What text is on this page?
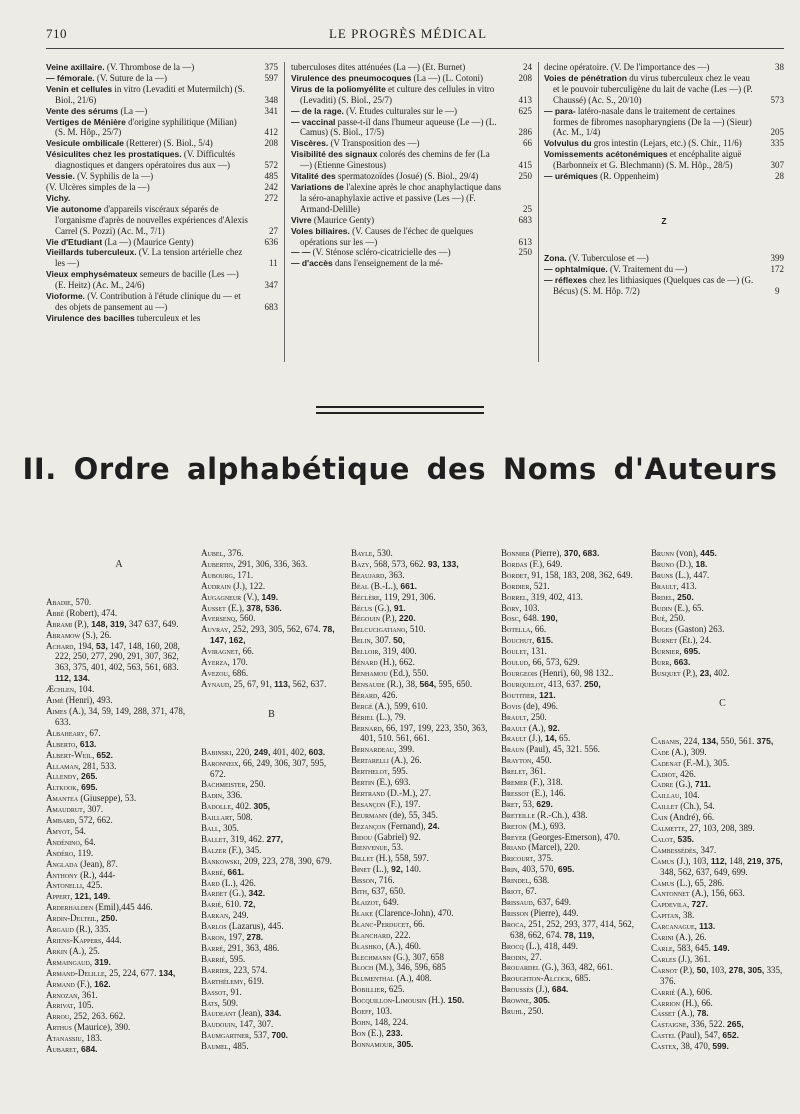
710	LE PROGRÈS MÉDICAL
Veine axillaire. (V. Thrombose de la —)	375
— fémorale. (V. Suture de la —)	597
Venin et cellules in vitro (Levaditi et Mutermilch) (S. Biol., 21/6)	348
Vente des sérums (La —)	341
Vertiges de Ménière d'origine syphilitique (Milian) (S. M. Hôp., 25/7)	412
Vesicule ombilicale (Retterer) (S. Biol., 5/4)	208
Vésiculites chez les prostatiques. (V. Difficultés diagnostiques et dangers opératoires dus aux —)	572
Vessie. (V. Syphilis de la —)	485
(V. Ulcères simples de la —)	242
Vichy.	272
Vie autonome d'appareils viscéraux séparés de l'organisme d'après de nouvelles expériences d'Alexis Carrel (S. Pozzi) (Ac. M., 7/1)	27
Vie d'Etudiant (La —) (Maurice Genty)	636
Vieillards tuberculeux. (V. La tension artérielle chez les —)	11
Vieux emphysémateux semeurs de bacille (Les —) (E. Heitz) (Ac. M., 24/6)	347
Vioforme. (V. Contribution à l'étude clinique du — et des objets de pansement au —)	683
Virulence des bacilles tuberculeux et les
tuberculoses dites atténuées (La —) (Et. Burnet)	24
Virulence des pneumocoques (La —) (L. Cotoni)	208
Virus de la poliomyélite et culture des cellules in vitro (Levaditi) (S. Biol., 25/7)	413
— de la rage. (V. Etudes culturales sur le —)	625
— vaccinal passe-t-il dans l'humeur aqueuse (Le —) (L. Camus) (S. Biol., 17/5)	286
Viscères. (V Transposition des —)	66
Visibilité des signaux colorés des chemins de fer (La —) (Etienne Ginestous)	415
Vitalité des spermatozoïdes (Josué) (S. Biol., 29/4)	250
Variations de l'alexine après le choc anaphylactique dans la séro-anaphylaxie active et passive (Les —) (F. Armand-Delille)	25
Vivre (Maurice Genty)	683
Voles biliaires. (V. Causes de l'échec de quelques opérations sur les —)	613
— — (V. Sténose scléro-cicatricielle des —)	250
— d'accès dans l'enseignement de la mé-
decine opératoire. (V. De l'importance des —)	38
Voies de pénétration du virus tuberculeux chez le veau et le pouvoir tuberculigène du lait de vache (Les —) (P. Chaussé) (Ac. S., 20/10)	573
— para- latéro-nasale dans le traitement de certaines formes de fibromes nasopharyngiens (De la —) (Sieur) (Ac. M., 1/4)	205
Volvulus du gros intestin (Lejars, etc.) (S. Chir., 11/6)	335
Vomissements acétonémiques et encéphalite aiguë (Barbonneix et G. Blechmann) (S. M. Hôp., 28/5)	307
— urémiques (R. Oppenheim)	28
Z
Zona. (V. Tuberculose et —)	399
— ophtalmique. (V. Traitement du —)	172
— réflexes chez les lithiasiques (Quelques cas de —) (G. Bécus) (S. M. Hôp. 7/2)	9
II. Ordre alphabétique des Noms d'Auteurs
A
Abadie, 570.
Abbé (Robert), 474.
Abrami (P.), 148, 319, 347 637, 649.
Abramow (S.), 26.
Achard, 194, 53, 147, 148, 160, 208, 222, 250, 277, 290, 291, 307, 362, 363, 375, 401, 402, 563, 561, 683. 112, 134.
Æchlen, 104.
Aimé (Henri), 493.
Aimes (A.), 34, 59, 149, 288, 371, 478, 633.
Albaheary, 67.
Alberto, 613.
Albert-Weil, 652.
Allaman, 281, 533.
Allendy, 265.
Altkook, 695.
Amantea (Giuseppe), 53.
Amaudrut, 307.
Ambard, 572, 662.
Amyot, 54.
Andénino, 64.
Andéro, 119.
Anglada (Jean), 87.
Anthony (R.), 444-
Antonelli, 425.
Appert, 121, 149.
Arderhalden (Emil),445 446.
Ardin-Delteil, 250.
Argaud (R.), 335.
Ariens-Kappers, 444.
Arkin (A.), 25.
Armaingaud, 319.
Armand-Delille, 25, 224, 677. 134,
Armand (F.), 162.
Arnozan, 361.
Arrivat, 105.
Arrou, 252, 263. 662.
Arthus (Maurice), 390.
Atanassiu, 183.
Aubaret, 684.
Aubel, 376.
Aubertin, 291, 306, 336, 363.
Aubourg, 171.
Audrain (J.), 122.
Augagneur (V.), 149.
Ausset (E.), 378, 536.
Aversenq, 560.
Auvray, 252, 293, 305, 562, 674. 78, 147, 162,
Aviragnet, 66.
Ayerza, 170.
Avezou, 686.
Aynaud, 25, 67, 91, 113, 562, 637.
B
Babinski, 220, 249, 401, 402, 603.
Baronneix, 66, 249, 306, 307, 595, 672.
Bachmeister, 250.
Badin, 336.
Badolle, 402. 305,
Baillart, 508.
Ball, 305.
Ballet, 319, 462. 277,
Balzer (F.), 345.
Bankowski, 209, 223, 278, 390, 679.
Barbé, 661.
Bard (L.), 426.
Bardet (G.), 342.
Barié, 610. 72,
Barkan, 249.
Barlos (Lazarus), 445.
Baron, 197, 278.
Barré, 291, 363, 486.
Barrié, 595.
Barrier, 223, 574.
Barthélemy, 619.
Bassot, 91.
Bats, 509.
Baudeant (Jean), 334.
Baudouin, 147, 307.
Baumgartner, 537, 700.
Baumel, 485.
Bayle, 530.
Bazy, 568, 573, 662. 93, 133,
Beaujard, 363.
Béal (B.-L.), 661.
Béclère, 119, 291, 306.
Bécus (G.), 91.
Bégouin (P.), 220.
Belcucigatiano, 510.
Belin, 307. 50,
Belloir, 319, 400.
Bénard (H.), 662.
Benhamou (Ed.), 550.
Bensaude (R.), 38, 564, 595, 650.
Bérard, 426.
Bergé (A.), 599, 610.
Bériel (L.), 79.
Bernard, 66, 197, 199, 223, 350, 363, 401, 510. 561, 661.
Bernardeau, 399.
Bertarelli (A.), 26.
Berthelot, 595.
Bertin (E.), 693.
Bertrand (D.-M.), 27.
Besançon (F.), 197.
Beurmann (de), 55, 345.
Bezançon (Fernand), 24.
Bidou (Gabriel) 92.
Bienvenue, 53.
Billet (H.), 558, 597.
Binet (L.), 92, 140.
Bisson, 716.
Bith, 637, 650.
Blaizot, 649.
Blake (Clarence-John), 470.
Blanc-Perducet, 66.
Blanchard, 222.
Blashko, (A.), 460.
Blechmann (G.), 307, 658
Bloch (M.), 346, 596, 685
Blumenthal (A.), 408.
Bobillier, 625.
Bocquillon-Limousin (H.). 150.
Boeff, 103.
Bohn, 148, 224.
Bon (E.), 233.
Bonnamour, 305.
Bonnier (Pierre), 370, 683.
Bordas (F.), 649.
Bordet, 91, 158, 183, 208, 362, 649.
Bordier, 521.
Borrel, 319, 402, 413.
Bory, 103.
Bosc, 648. 190,
Botella, 66.
Bouchut, 615.
Boulet, 131.
Boulud, 66, 573, 629.
Bourgeois (Henri), 60, 98 132..
Bourquelot, 413, 637. 250,
Boutitier, 121.
Bovis (de), 496.
Brault, 250.
Brault (A.), 92.
Brault (J.), 14, 65.
Braun (Paul), 45, 321. 556.
Brayton, 450.
Brelet, 361.
Bremer (F.), 318.
Bressot (E.), 146.
Bret, 53, 629.
Breteille (R.-Ch.), 438.
Breton (M.), 693.
Breyer (Georges-Emerson), 470.
Briand (Marcel), 220.
Bricourt, 375.
Brin, 403, 570, 695.
Brindel, 638.
Briot, 67.
Brissaud, 637, 649.
Brisson (Pierre), 449.
Broca, 251, 252, 293, 377, 414, 562, 638, 662, 674. 78, 119,
Brocq (L.), 418, 449.
Brodin, 27.
Brouardel (G.), 363, 482, 661.
Broughton-Alcock, 685.
Broussès (J.), 684.
Browne, 305.
Bruhl, 250.
Brunn (von), 445.
Bruno (D.), 18.
Bruns (L.), 447.
Brault, 413.
Brdel, 250.
Budin (E.), 65.
Bué, 250.
Buges (Gaston) 263.
Burnet (Et.), 24.
Burnier, 695.
Burr, 663.
Busquet (P.), 23, 402.
C
Cabanis, 224, 134, 550, 561. 375,
Cade (A.), 309.
Cadenat (F.-M.), 305.
Cadiot, 426.
Cadre (G.), 711.
Caillau, 104.
Caillet (Ch.), 54.
Cain (André), 66.
Calmette, 27, 103, 208, 389.
Calot, 535.
Cambessédès, 347.
Camus (J.), 103, 112, 148, 219, 375, 348, 562, 637, 649, 699.
Camus (L.), 65, 286.
Cantonnet (A.), 156, 663.
Capdevila, 727.
Capitan, 38.
Carcanague, 113.
Carini (A.), 26.
Carle, 583, 645. 149.
Carles (J.), 361.
Carnot (P.), 50, 103, 278, 305, 335, 376.
Carrié (A.), 606.
Carrion (H.), 66.
Casset (A.), 78.
Castaigne, 336, 522. 265,
Castel (Paul), 547, 652.
Castex, 38, 470, 599.
